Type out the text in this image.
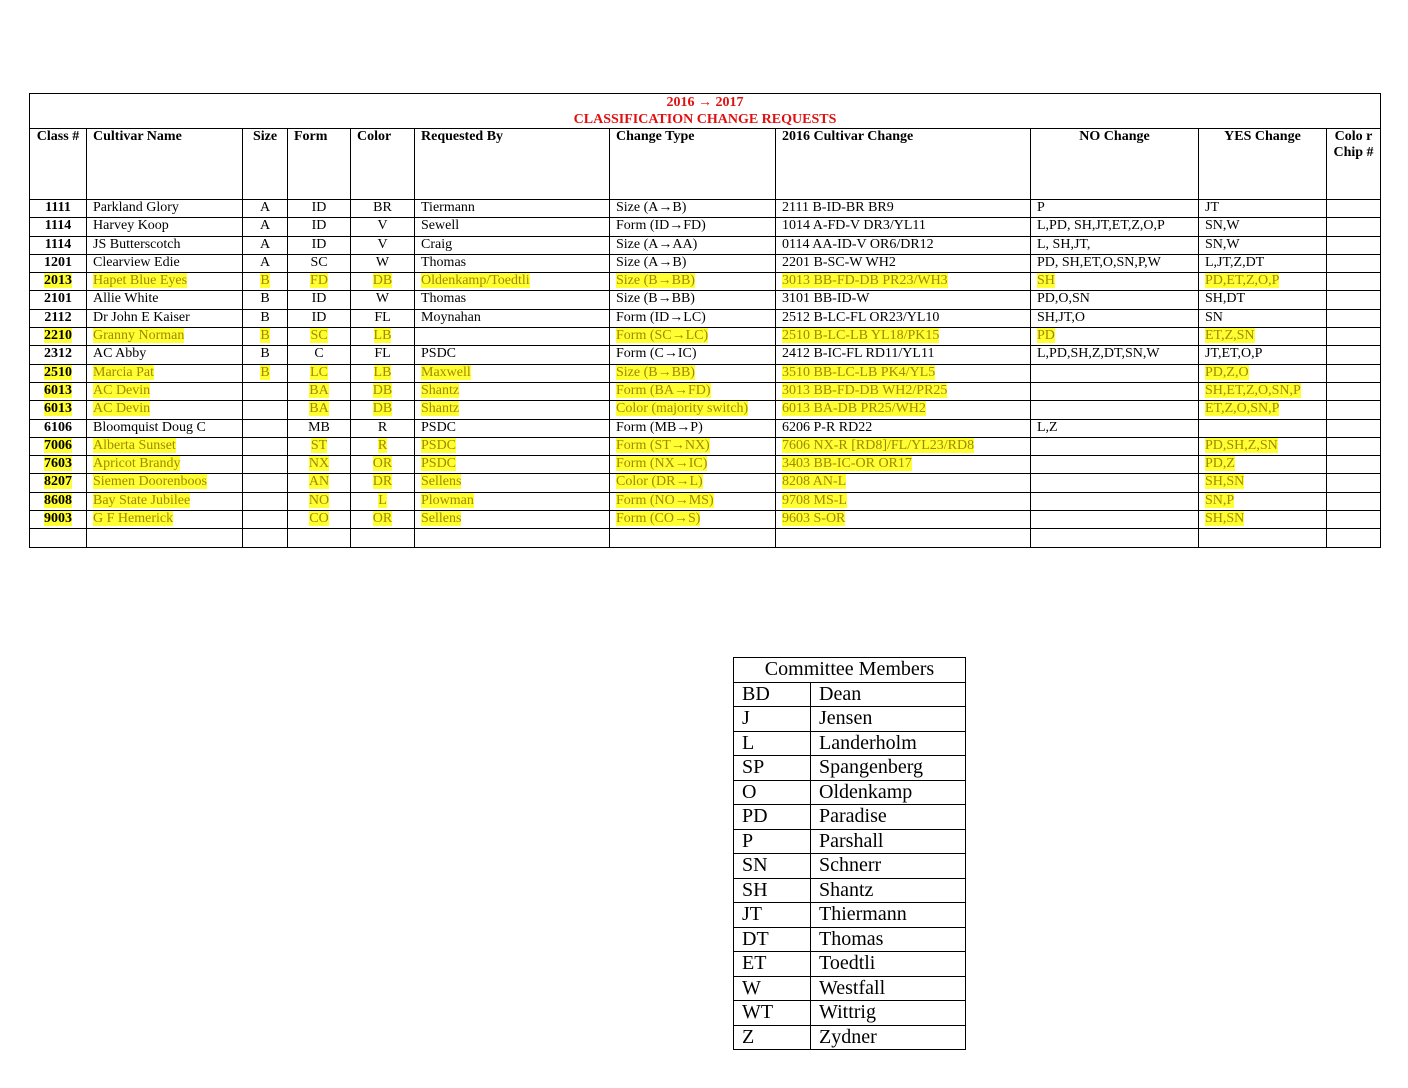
2016 → 2017
CLASSIFICATION CHANGE REQUESTS										

Class #	Cultivar Name	Size	Form	Color	Requested By	Change Type	2016 Cultivar Change	NO Change	YES Change	Colo r Chip #
1111	Parkland Glory	A	ID	BR	Tiermann	Size (A→B)	2111 B-ID-BR BR9	P	JT	
1114	Harvey Koop	A	ID	V	Sewell	Form (ID→FD)	1014 A-FD-V DR3/YL11	L,PD, SH,JT,ET,Z,O,P	SN,W	
1114	JS Butterscotch	A	ID	V	Craig	Size (A→AA)	0114 AA-ID-V OR6/DR12	L, SH,JT,	SN,W	
1201	Clearview Edie	A	SC	W	Thomas	Size (A→B)	2201 B-SC-W WH2	PD, SH,ET,O,SN,P,W	L,JT,Z,DT	
2013	Hapet Blue Eyes	B	FD	DB	Oldenkamp/Toedtli	Size (B→BB)	3013 BB-FD-DB PR23/WH3	SH	PD,ET,Z,O,P	
2101	Allie White	B	ID	W	Thomas	Size (B→BB)	3101 BB-ID-W	PD,O,SN	SH,DT	
2112	Dr John E Kaiser	B	ID	FL	Moynahan	Form (ID→LC)	2512 B-LC-FL OR23/YL10	SH,JT,O	SN	
2210	Granny Norman	B	SC	LB		Form (SC→LC)	2510 B-LC-LB YL18/PK15	PD	ET,Z,SN	
2312	AC Abby	B	C	FL	PSDC	Form (C→IC)	2412 B-IC-FL RD11/YL11	L,PD,SH,Z,DT,SN,W	JT,ET,O,P	
2510	Marcia Pat	B	LC	LB	Maxwell	Size (B→BB)	3510 BB-LC-LB PK4/YL5		PD,Z,O	
6013	AC Devin		BA	DB	Shantz	Form (BA→FD)	3013 BB-FD-DB WH2/PR25		SH,ET,Z,O,SN,P	
6013	AC Devin		BA	DB	Shantz	Color (majority switch)	6013 BA-DB PR25/WH2		ET,Z,O,SN,P	
6106	Bloomquist Doug C		MB	R	PSDC	Form (MB→P)	6206 P-R RD22	L,Z		
7006	Alberta Sunset		ST	R	PSDC	Form (ST→NX)	7606 NX-R [RD8]/FL/YL23/RD8		PD,SH,Z,SN	
7603	Apricot Brandy		NX	OR	PSDC	Form (NX→IC)	3403 BB-IC-OR OR17		PD,Z	
8207	Siemen Doorenboos		AN	DR	Sellens	Color (DR→L)	8208 AN-L		SH,SN	
8608	Bay State Jubilee		NO	L	Plowman	Form (NO→MS)	9708 MS-L		SN,P	
9003	G F Hemerick		CO	OR	Sellens	Form (CO→S)	9603 S-OR		SH,SN	

Committee Members	
BD	Dean
J	Jensen
L	Landerholm
SP	Spangenberg
O	Oldenkamp
PD	Paradise
P	Parshall
SN	Schnerr
SH	Shantz
JT	Thiermann
DT	Thomas
ET	Toedtli
W	Westfall
WT	Wittrig
Z	Zydner
